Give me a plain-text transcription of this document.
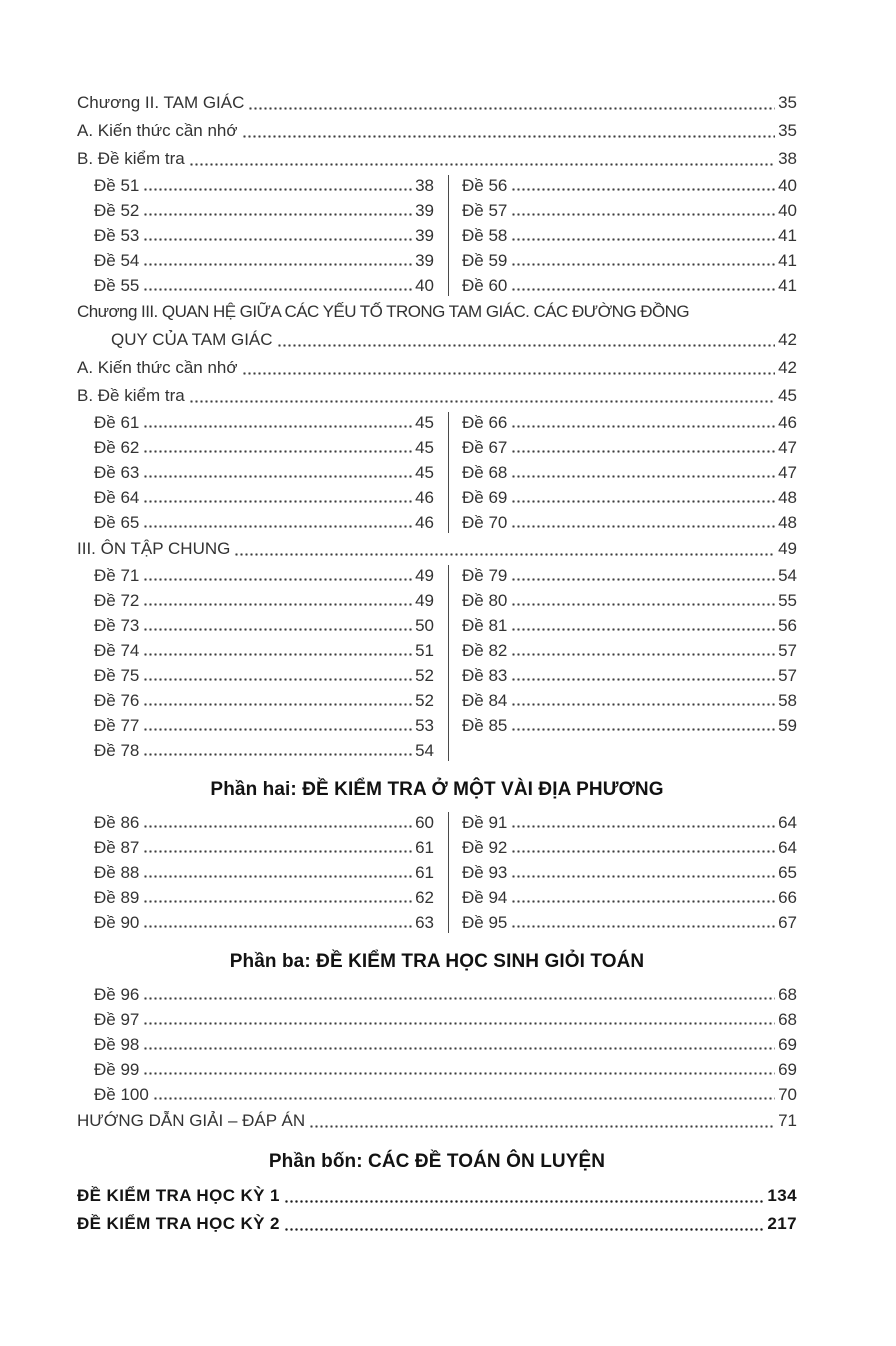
Chương II. TAM GIÁC	35
A. Kiến thức cần nhớ	35
B. Đề kiểm tra	38
Đề 51	38
Đề 52	39
Đề 53	39
Đề 54	39
Đề 55	40
Đề 56	40
Đề 57	40
Đề 58	41
Đề 59	41
Đề 60	41
Chương III. QUAN HỆ GIỮA CÁC YẾU TỐ TRONG TAM GIÁC. CÁC ĐƯỜNG ĐỒNG
QUY CỦA TAM GIÁC	42
A. Kiến thức cần nhớ	42
B. Đề kiểm tra	45
Đề 61	45
Đề 62	45
Đề 63	45
Đề 64	46
Đề 65	46
Đề 66	46
Đề 67	47
Đề 68	47
Đề 69	48
Đề 70	48
III. ÔN TẬP CHUNG	49
Đề 71	49
Đề 72	49
Đề 73	50
Đề 74	51
Đề 75	52
Đề 76	52
Đề 77	53
Đề 78	54
Đề 79	54
Đề 80	55
Đề 81	56
Đề 82	57
Đề 83	57
Đề 84	58
Đề 85	59
Phần hai: ĐỀ KIỂM TRA Ở MỘT VÀI ĐỊA PHƯƠNG
Đề 86	60
Đề 87	61
Đề 88	61
Đề 89	62
Đề 90	63
Đề 91	64
Đề 92	64
Đề 93	65
Đề 94	66
Đề 95	67
Phần ba: ĐỀ KIỂM TRA HỌC SINH GIỎI TOÁN
Đề 96	68
Đề 97	68
Đề 98	69
Đề 99	69
Đề 100	70
HƯỚNG DẪN GIẢI – ĐÁP ÁN	71
Phần bốn: CÁC ĐỀ TOÁN ÔN LUYỆN
ĐỀ KIỂM TRA HỌC KỲ 1	134
ĐỀ KIỂM TRA HỌC KỲ 2	217
